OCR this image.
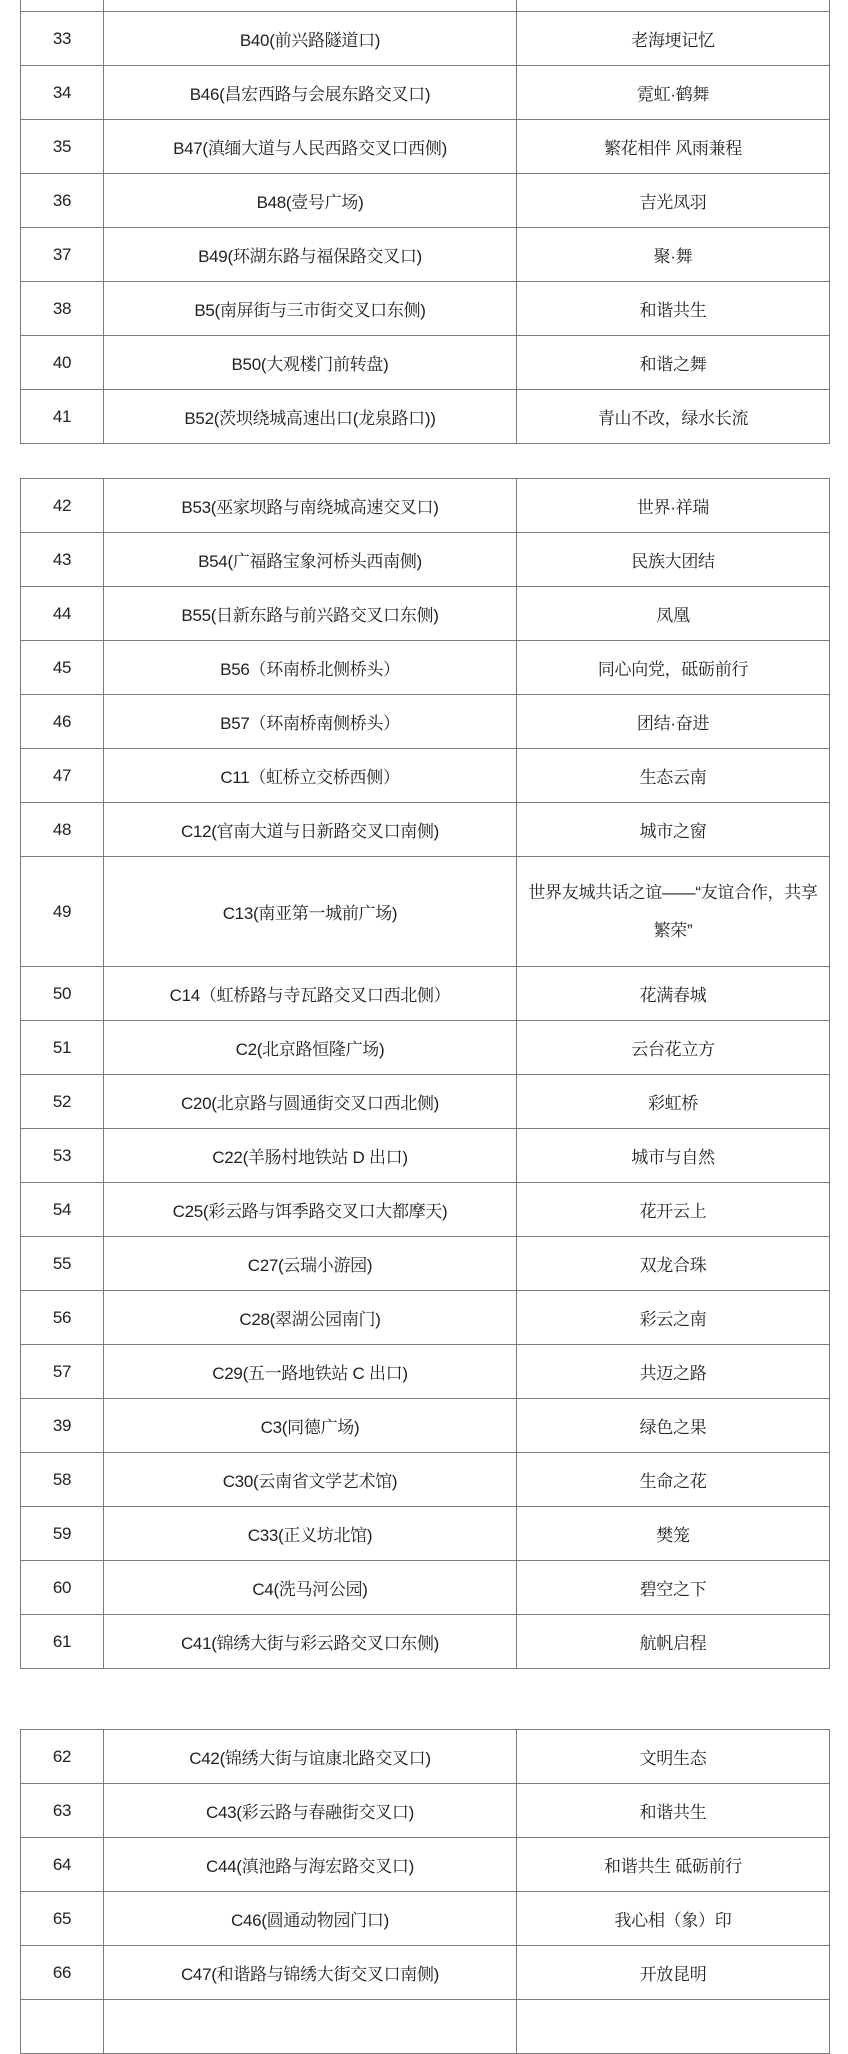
33	B40(前兴路隧道口)	老海埂记忆
34	B46(昌宏西路与会展东路交叉口)	霓虹·鹤舞
35	B47(滇缅大道与人民西路交叉口西侧)	繁花相伴 风雨兼程
36	B48(壹号广场)	吉光凤羽
37	B49(环湖东路与福保路交叉口)	聚·舞
38	B5(南屏街与三市街交叉口东侧)	和谐共生
40	B50(大观楼门前转盘)	和谐之舞
41	B52(茨坝绕城高速出口(龙泉路口))	青山不改，绿水长流
42	B53(巫家坝路与南绕城高速交叉口)	世界·祥瑞
43	B54(广福路宝象河桥头西南侧)	民族大团结
44	B55(日新东路与前兴路交叉口东侧)	凤凰
45	B56（环南桥北侧桥头）	同心向党，砥砺前行
46	B57（环南桥南侧桥头）	团结·奋进
47	C11（虹桥立交桥西侧）	生态云南
48	C12(官南大道与日新路交叉口南侧)	城市之窗
49	C13(南亚第一城前广场)	世界友城共话之谊——“友谊合作，共享繁荣”
50	C14（虹桥路与寺瓦路交叉口西北侧）	花满春城
51	C2(北京路恒隆广场)	云台花立方
52	C20(北京路与圆通街交叉口西北侧)	彩虹桥
53	C22(羊肠村地铁站 D 出口)	城市与自然
54	C25(彩云路与饵季路交叉口大都摩天)	花开云上
55	C27(云瑞小游园)	双龙合珠
56	C28(翠湖公园南门)	彩云之南
57	C29(五一路地铁站 C 出口)	共迈之路
39	C3(同德广场)	绿色之果
58	C30(云南省文学艺术馆)	生命之花
59	C33(正义坊北馆)	樊笼
60	C4(洗马河公园)	碧空之下
61	C41(锦绣大街与彩云路交叉口东侧)	航帆启程
62	C42(锦绣大街与谊康北路交叉口)	文明生态
63	C43(彩云路与春融街交叉口)	和谐共生
64	C44(滇池路与海宏路交叉口)	和谐共生 砥砺前行
65	C46(圆通动物园门口)	我心相（象）印
66	C47(和谐路与锦绣大街交叉口南侧)	开放昆明
